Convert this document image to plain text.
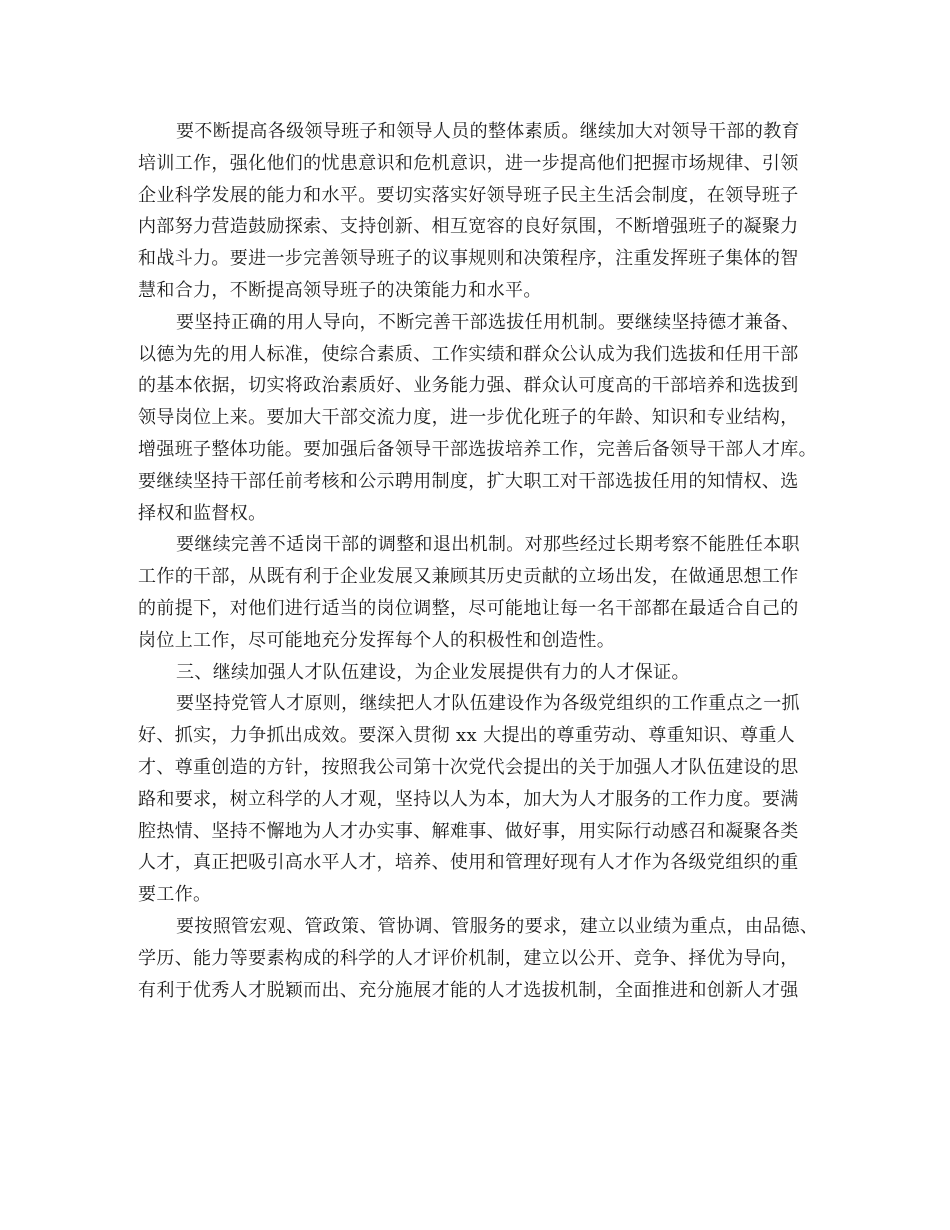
要不断提高各级领导班子和领导人员的整体素质。继续加大对领导干部的教育
培训工作，强化他们的忧患意识和危机意识，进一步提高他们把握市场规律、引领
企业科学发展的能力和水平。要切实落实好领导班子民主生活会制度，在领导班子
内部努力营造鼓励探索、支持创新、相互宽容的良好氛围，不断增强班子的凝聚力
和战斗力。要进一步完善领导班子的议事规则和决策程序，注重发挥班子集体的智
慧和合力，不断提高领导班子的决策能力和水平。
要坚持正确的用人导向，不断完善干部选拔任用机制。要继续坚持德才兼备、
以德为先的用人标准，使综合素质、工作实绩和群众公认成为我们选拔和任用干部
的基本依据，切实将政治素质好、业务能力强、群众认可度高的干部培养和选拔到
领导岗位上来。要加大干部交流力度，进一步优化班子的年龄、知识和专业结构，
增强班子整体功能。要加强后备领导干部选拔培养工作，完善后备领导干部人才库。
要继续坚持干部任前考核和公示聘用制度，扩大职工对干部选拔任用的知情权、选
择权和监督权。
要继续完善不适岗干部的调整和退出机制。对那些经过长期考察不能胜任本职
工作的干部，从既有利于企业发展又兼顾其历史贡献的立场出发，在做通思想工作
的前提下，对他们进行适当的岗位调整，尽可能地让每一名干部都在最适合自己的
岗位上工作，尽可能地充分发挥每个人的积极性和创造性。
三、继续加强人才队伍建设，为企业发展提供有力的人才保证。
要坚持党管人才原则，继续把人才队伍建设作为各级党组织的工作重点之一抓
好、抓实，力争抓出成效。要深入贯彻 xx 大提出的尊重劳动、尊重知识、尊重人
才、尊重创造的方针，按照我公司第十次党代会提出的关于加强人才队伍建设的思
路和要求，树立科学的人才观，坚持以人为本，加大为人才服务的工作力度。要满
腔热情、坚持不懈地为人才办实事、解难事、做好事，用实际行动感召和凝聚各类
人才，真正把吸引高水平人才，培养、使用和管理好现有人才作为各级党组织的重
要工作。
要按照管宏观、管政策、管协调、管服务的要求，建立以业绩为重点，由品德、
学历、能力等要素构成的科学的人才评价机制，建立以公开、竞争、择优为导向，
有利于优秀人才脱颖而出、充分施展才能的人才选拔机制，全面推进和创新人才强
